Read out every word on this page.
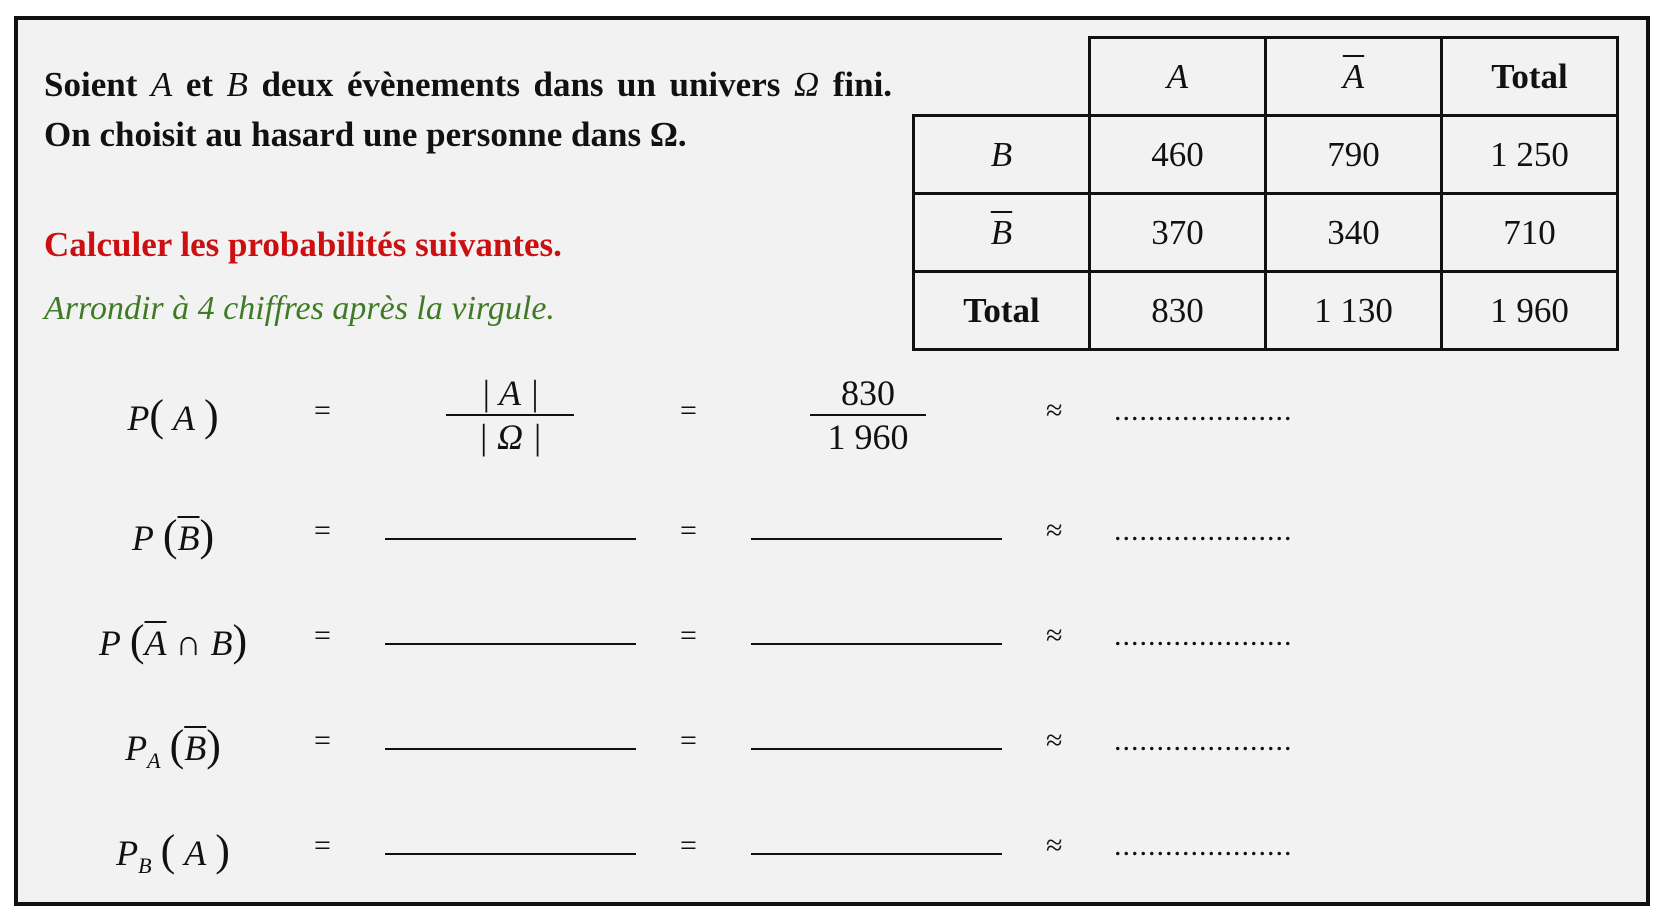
Soient A et B deux évènements dans un univers Ω fini. On choisit au hasard une personne dans Ω.
Calculer les probabilités suivantes.
Arrondir à 4 chiffres après la virgule.
	A	$\overline{A}$	Total
B	460	790	1 250
$\overline{B}$	370	340	710
Total	830	1 130	1 960
P( A )	=	$\frac{| A |}{| \Omega |}$	=	$\frac{830}{1 960}$	≈ .....................
P $(\overline{B})$	=	=	≈ .....................
P ($\overline{A}$ ∩ B)	=	=	≈ .....................
$P_A$ $(\overline{B})$	=	=	≈ .....................
$P_B$ ( A )	=	=	≈ .....................
